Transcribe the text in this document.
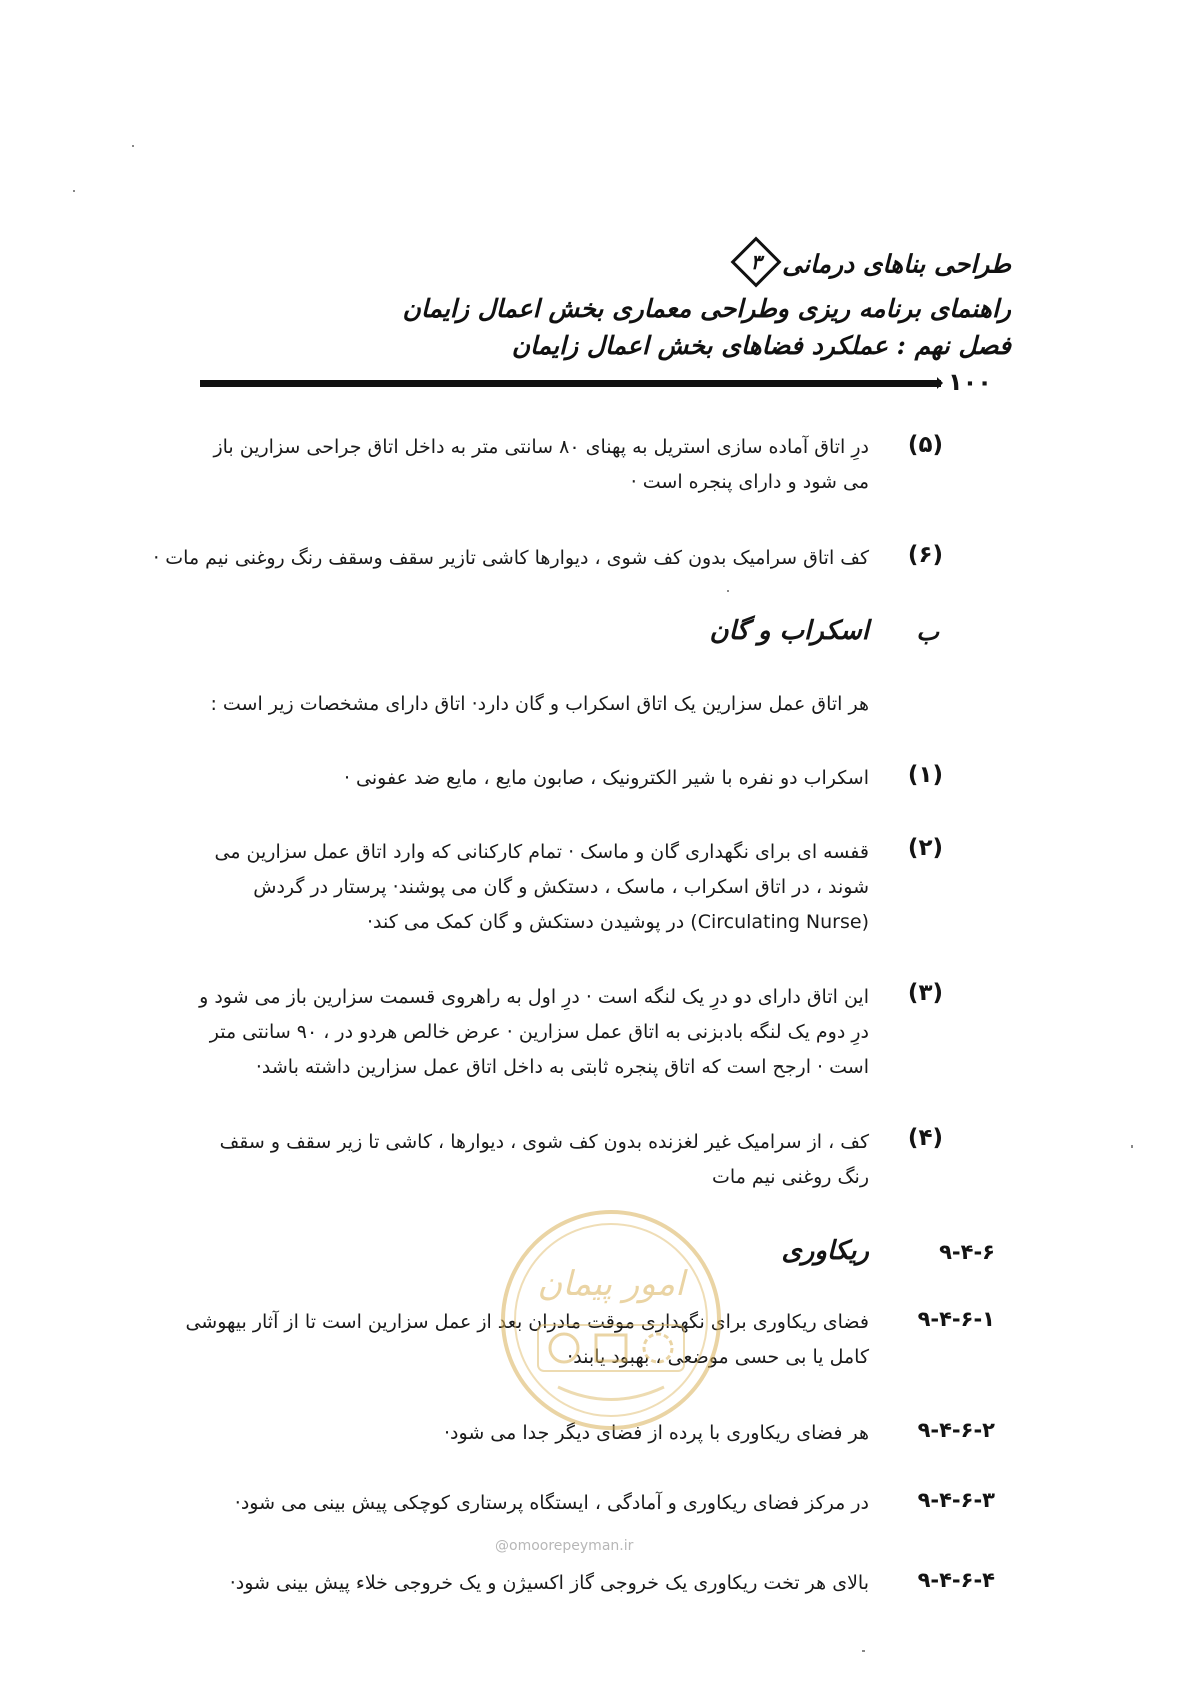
طراحی بناهای درمانی
۳
راهنمای برنامه ریزی وطراحی معماری بخش اعمال زایمان
فصل نهم : عملکرد فضاهای بخش اعمال زایمان
۱۰۰
(۵)
درِ اتاق آماده سازی استریل به پهنای ۸۰ سانتی متر به داخل اتاق جراحی سزارین باز می شود و دارای پنجره است ·
(۶)
کف اتاق سرامیک بدون کف شوی ، دیوارها کاشی تازیر سقف وسقف رنگ روغنی نیم مات ·
ب
اسکراب و گان
هر اتاق عمل سزارین یک اتاق اسکراب و گان دارد· اتاق دارای مشخصات زیر است :
(۱)
اسکراب دو نفره با شیر الکترونیک ، صابون مایع ، مایع ضد عفونی ·
(۲)
قفسه ای برای نگهداری گان و ماسک · تمام کارکنانی که وارد اتاق عمل سزارین می شوند ، در اتاق اسکراب ، ماسک ، دستکش و گان می پوشند· پرستار در گردش (Circulating Nurse) در پوشیدن دستکش و گان کمک می کند·
(۳)
این اتاق دارای دو درِ یک لنگه است · درِ اول به راهروی قسمت سزارین باز می شود و درِ دوم یک لنگه بادبزنی به اتاق عمل سزارین · عرض خالص هردو در ، ۹۰ سانتی متر است · ارجح است که اتاق پنجره ثابتی به داخل اتاق عمل سزارین داشته باشد·
(۴)
کف ، از سرامیک غیر لغزنده بدون کف شوی ، دیوارها ، کاشی تا زیر سقف و سقف رنگ روغنی نیم مات
۹-۴-۶
ریکاوری
۹-۴-۶-۱
فضای ریکاوری برای نگهداری موقت مادران بعد از عمل سزارین است تا از آثار بیهوشی کامل یا بی حسی موضعی ، بهبود یابند·
۹-۴-۶-۲
هر فضای ریکاوری با پرده از فضای دیگر جدا می شود·
۹-۴-۶-۳
در مرکز فضای ریکاوری و آمادگی ، ایستگاه پرستاری کوچکی پیش بینی می شود·
۹-۴-۶-۴
بالای هر تخت ریکاوری یک خروجی گاز اکسیژن و یک خروجی خلاء پیش بینی شود·
امور پیمان
@omoorepeyman.ir
